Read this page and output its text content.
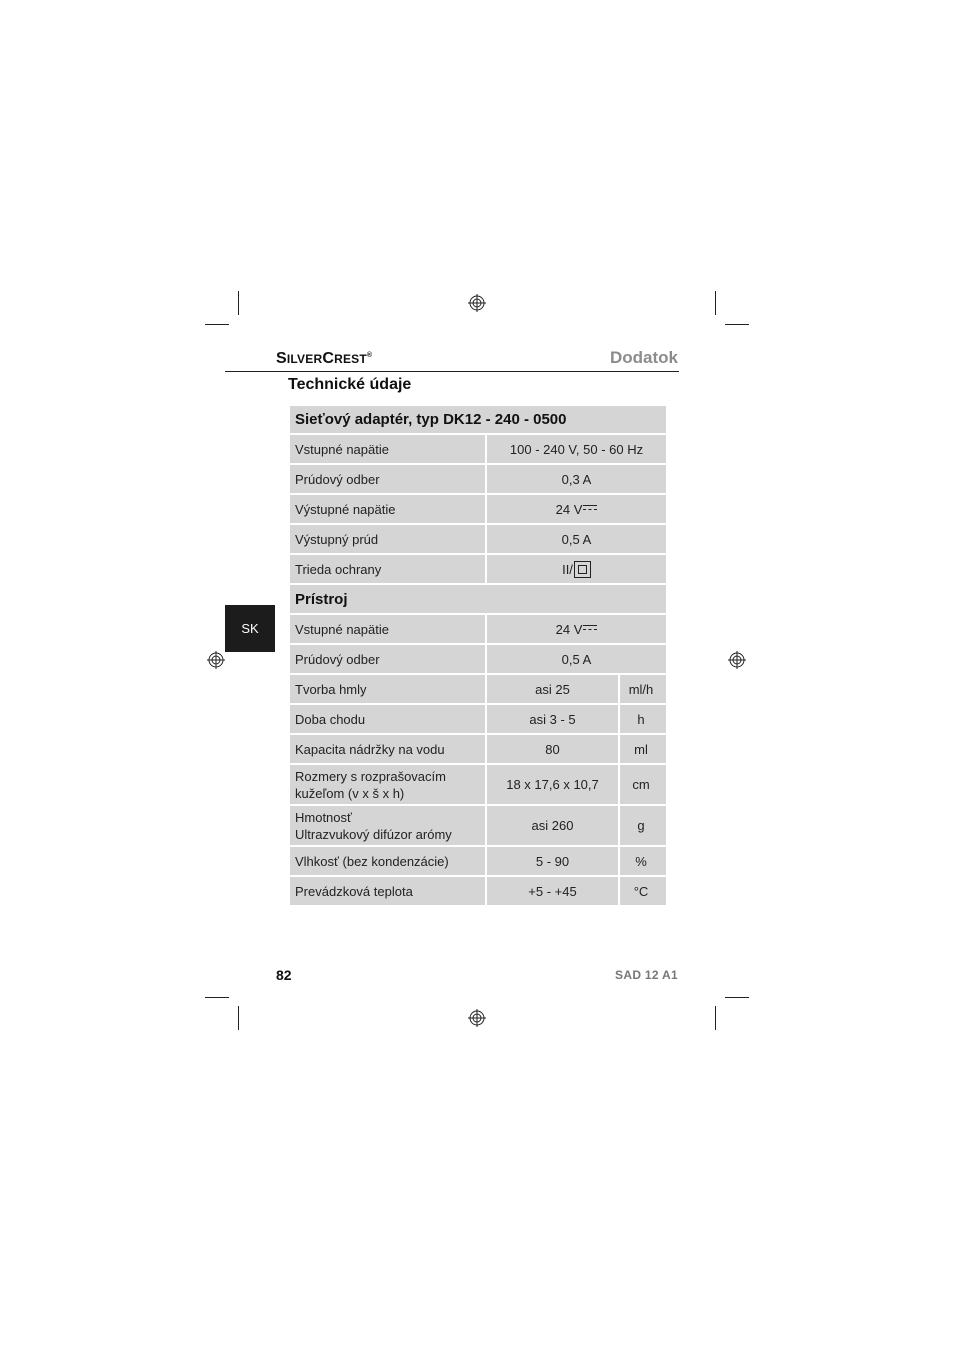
SILVERCREST®	Dodatok
Technické údaje
SK
Sieťový adaptér, typ DK12 - 240 - 0500
Vstupné napätie	100 - 240 V, 50 - 60 Hz
Prúdový odber	0,3 A
Výstupné napätie	24 V
Výstupný prúd	0,5 A
Trieda ochrany	II/
Prístroj
Vstupné napätie	24 V
Prúdový odber	0,5 A
Tvorba hmly	asi 25	ml/h
Doba chodu	asi 3 - 5	h
Kapacita nádržky na vodu	80	ml
Rozmery s rozprašovacím
kužeľom (v x š x h)
18 x 17,6 x 10,7	cm
Hmotnosť
Ultrazvukový difúzor arómy
asi 260	g
Vlhkosť (bez kondenzácie)	5 - 90	%
Prevádzková teplota	+5 - +45	°C
82	SAD 12 A1
